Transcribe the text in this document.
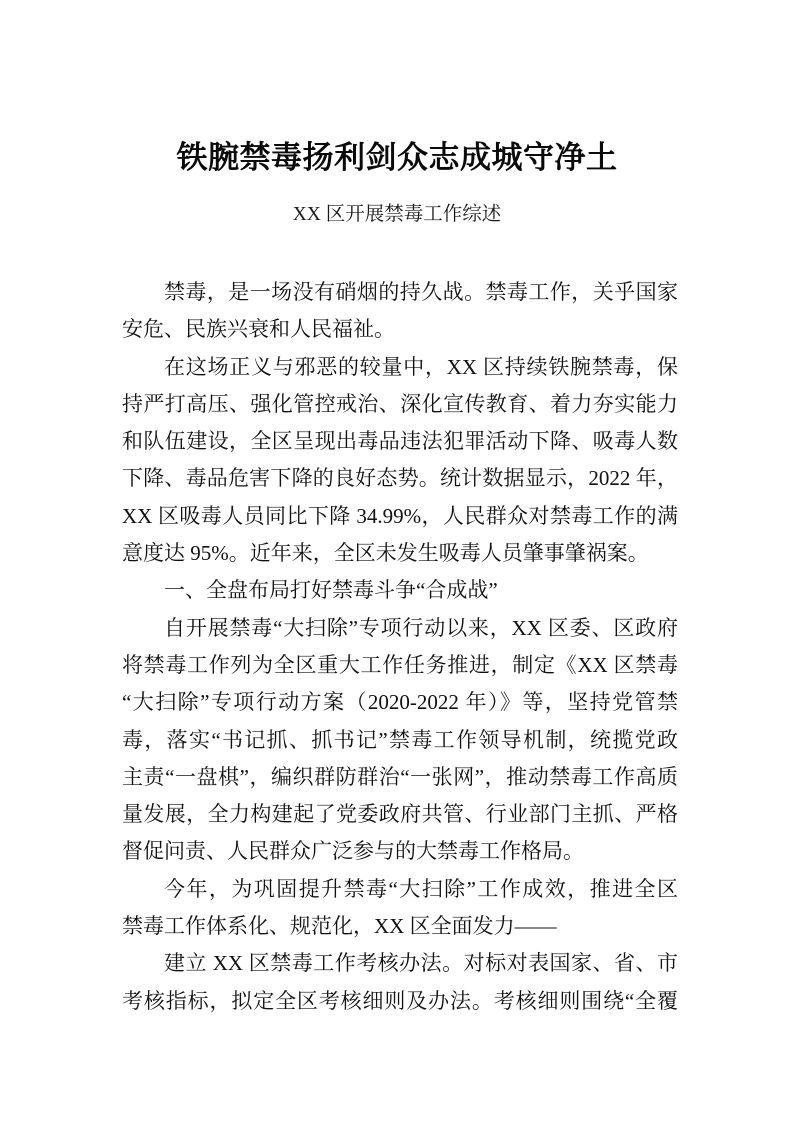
铁腕禁毒扬利剑众志成城守净土
XX 区开展禁毒工作综述
禁毒，是一场没有硝烟的持久战。禁毒工作，关乎国家
安危、民族兴衰和人民福祉。
在这场正义与邪恶的较量中，XX 区持续铁腕禁毒，保
持严打高压、强化管控戒治、深化宣传教育、着力夯实能力
和队伍建设，全区呈现出毒品违法犯罪活动下降、吸毒人数
下降、毒品危害下降的良好态势。统计数据显示，2022 年，
XX 区吸毒人员同比下降 34.99%，人民群众对禁毒工作的满
意度达 95%。近年来，全区未发生吸毒人员肇事肇祸案。
一、全盘布局打好禁毒斗争“合成战”
自开展禁毒“大扫除”专项行动以来，XX 区委、区政府
将禁毒工作列为全区重大工作任务推进，制定《XX 区禁毒
“大扫除”专项行动方案（2020-2022 年）》等，坚持党管禁
毒，落实“书记抓、抓书记”禁毒工作领导机制，统揽党政
主责“一盘棋”，编织群防群治“一张网”，推动禁毒工作高质
量发展，全力构建起了党委政府共管、行业部门主抓、严格
督促问责、人民群众广泛参与的大禁毒工作格局。
今年，为巩固提升禁毒“大扫除”工作成效，推进全区
禁毒工作体系化、规范化，XX 区全面发力——
建立 XX 区禁毒工作考核办法。对标对表国家、省、市
考核指标，拟定全区考核细则及办法。考核细则围绕“全覆
